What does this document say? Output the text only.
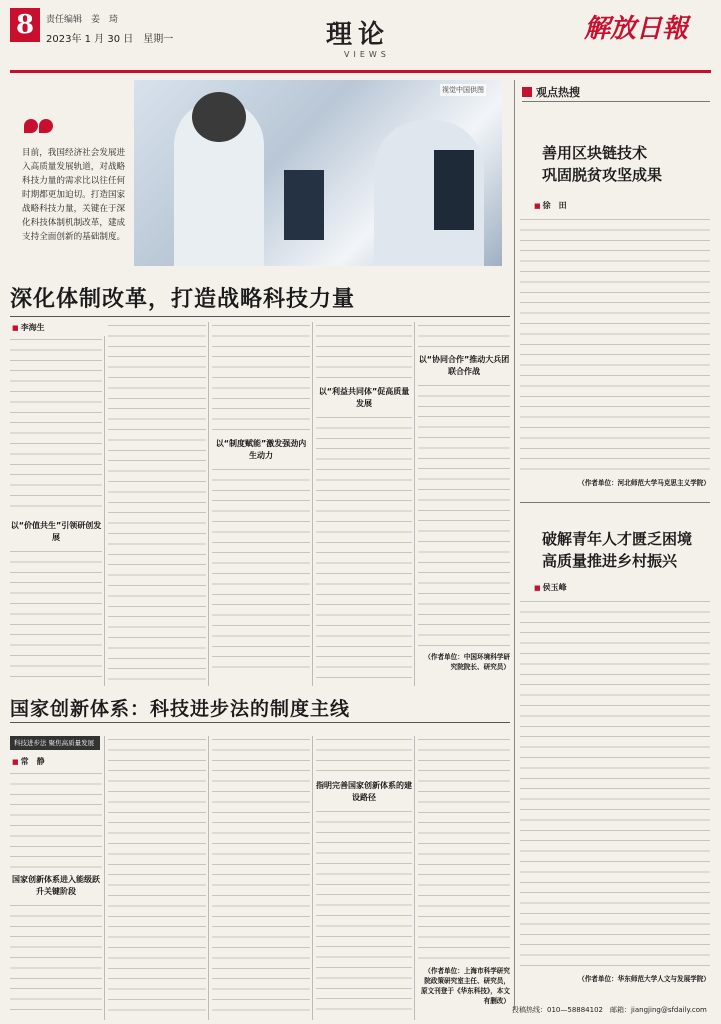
8	责任编辑　姜　琦
2023年 1 月 30 日　星期一	理论
VIEWS
解放日報
视觉中国供图
目前，我国经济社会发展进入高质量发展轨道，对战略科技力量的需求比以往任何时期都更加迫切。打造国家战略科技力量，关键在于深化科技体制机制改革，建成支持全面创新的基础制度。
深化体制改革，打造战略科技力量
■ 李海生
以“价值共生”引领研创发展
以“制度赋能”激发强劲内生动力
以“利益共同体”促高质量发展
以“协同合作”推动大兵团联合作战
（作者单位：中国环境科学研究院院长、研究员）
国家创新体系：科技进步法的制度主线
科技进步法 聚焦高质量发展
■ 常　静
国家创新体系进入能级跃升关键阶段
指明完善国家创新体系的建设路径
（作者单位：上海市科学研究院政策研究室主任、研究员，原文刊登于《华东科技》，本文有删改）
观点热搜
善用区块链技术
巩固脱贫攻坚成果
■ 徐　田
（作者单位：河北师范大学马克思主义学院）
破解青年人才匮乏困境
高质量推进乡村振兴
■ 侯玉峰
（作者单位：华东师范大学人文与发展学院）
投稿热线：010—58884102　邮箱：jiangjing@sfdaily.com
